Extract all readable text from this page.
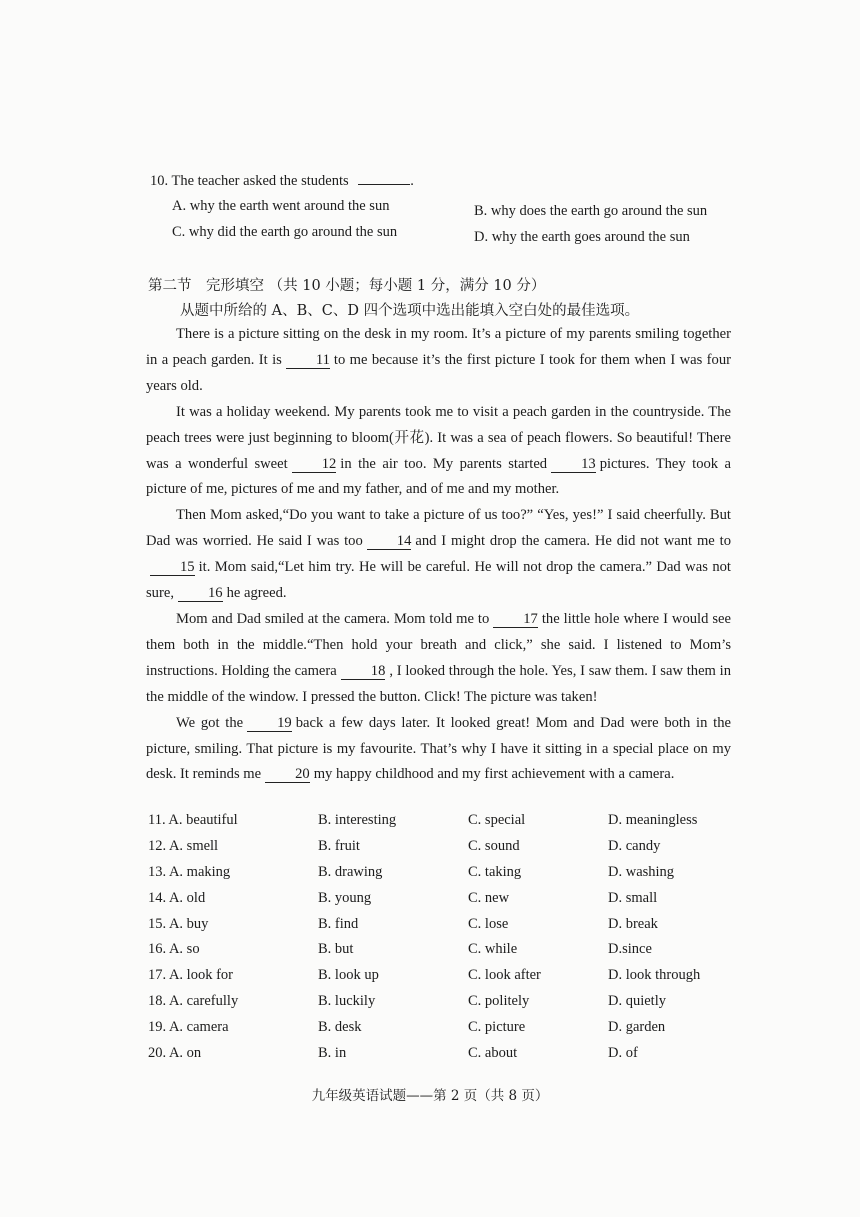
10. The teacher asked the students	.
A. why the earth went around the sun	B. why does the earth go around the sun
C. why did the earth go around the sun	D. why the earth goes around the sun
第二节　完形填空 （共 10 小题；每小题 1 分，满分 10 分）
从题中所给的 A、B、C、D 四个选项中选出能填入空白处的最佳选项。

There is a picture sitting on the desk in my room. It’s a picture of my parents smiling together in a peach garden. It is 11 to me because it’s the first picture I took for them when I was four years old.

It was a holiday weekend. My parents took me to visit a peach garden in the countryside. The peach trees were just beginning to bloom(开花). It was a sea of peach flowers. So beautiful! There was a wonderful sweet 12 in the air too. My parents started 13 pictures. They took a picture of me, pictures of me and my father, and of me and my mother.

Then Mom asked,“Do you want to take a picture of us too?” “Yes, yes!” I said cheerfully. But Dad was worried. He said I was too 14 and I might drop the camera. He did not want me to15 it. Mom said,“Let him try. He will be careful. He will not drop the camera.” Dad was not sure, 16 he agreed.

Mom and Dad smiled at the camera. Mom told me to 17 the little hole where I would see them both in the middle.“Then hold your breath and click,” she said. I listened to Mom’s instructions. Holding the camera 18 , I looked through the hole. Yes, I saw them. I saw them in the middle of the window. I pressed the button. Click! The picture was taken!

We got the 19 back a few days later. It looked great! Mom and Dad were both in the picture, smiling. That picture is my favourite. That’s why I have it sitting in a special place on my desk. It reminds me 20 my happy childhood and my first achievement with a camera.

11. A. beautiful	B. interesting	C. special	D. meaningless
12. A. smell	B. fruit	C. sound	D. candy
13. A. making	B. drawing	C. taking	D. washing
14. A. old	B. young	C. new	D. small
15. A. buy	B. find	C. lose	D. break
16. A. so	B. but	C. while	D.since
17. A. look for	B. look up	C. look after	D. look through
18. A. carefully	B. luckily	C. politely	D. quietly
19. A. camera	B. desk	C. picture	D. garden
20. A. on	B. in	C. about	D. of
九年级英语试题——第 2 页（共 8 页）
